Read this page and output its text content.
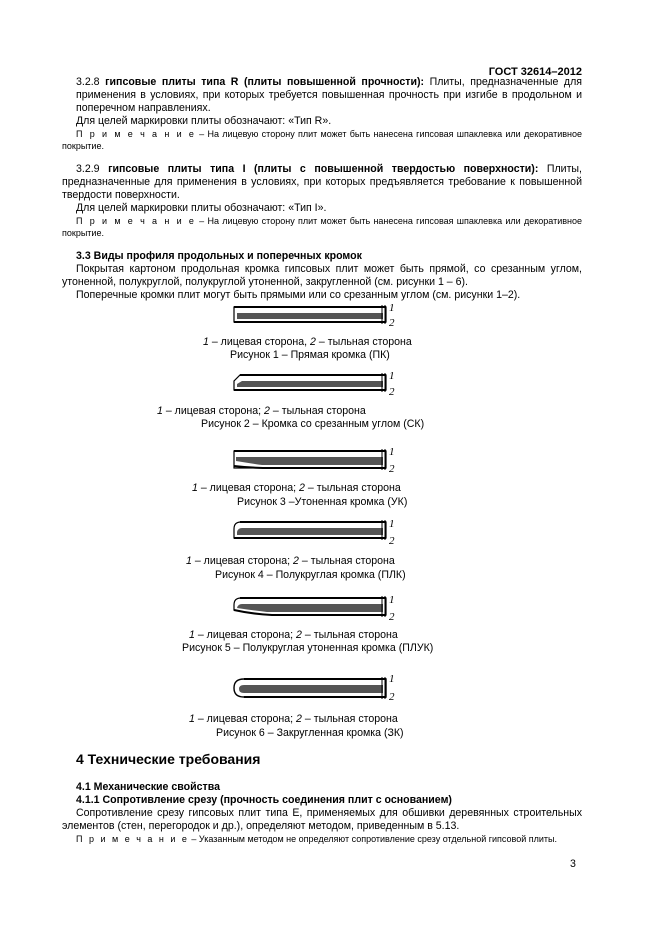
ГОСТ 32614–2012
3.2.8 гипсовые плиты типа R (плиты повышенной прочности): Плиты, предназначенные для применения в условиях, при которых требуется повышенная прочность при изгибе в продольном и поперечном направлениях.
Для целей маркировки плиты обозначают: «Тип R».
П р и м е ч а н и е – На лицевую сторону плит может быть нанесена гипсовая шпаклевка или декоративное покрытие.
3.2.9 гипсовые плиты типа I (плиты с повышенной твердостью поверхности): Плиты, предназначенные для применения в условиях, при которых предъявляется требование к повышенной твердости поверхности.
Для целей маркировки плиты обозначают: «Тип I».
П р и м е ч а н и е – На лицевую сторону плит может быть нанесена гипсовая шпаклевка или декоративное покрытие.
3.3 Виды профиля продольных и поперечных кромок
Покрытая картоном продольная кромка гипсовых плит может быть прямой, со срезанным углом, утоненной, полукруглой, полукруглой утоненной, закругленной (см. рисунки 1 – 6).
Поперечные кромки плит могут быть прямыми или со срезанным углом (см. рисунки 1–2).
1
2
1 – лицевая сторона, 2 – тыльная сторона
Рисунок 1 – Прямая кромка (ПК)
1
2
1 – лицевая сторона; 2 – тыльная сторона
Рисунок 2 – Кромка со срезанным углом (СК)
1
2
1 – лицевая сторона; 2 – тыльная сторона
Рисунок 3 –Утоненная кромка (УК)
1
2
1 – лицевая сторона; 2 – тыльная сторона
Рисунок 4 – Полукруглая кромка (ПЛК)
1
2
1 – лицевая сторона; 2 – тыльная сторона
Рисунок 5 – Полукруглая утоненная кромка (ПЛУК)
1
2
1 – лицевая сторона; 2 – тыльная сторона
Рисунок 6 – Закругленная кромка (ЗК)
4 Технические требования
4.1 Механические свойства
4.1.1 Сопротивление срезу (прочность соединения плит с основанием)
Сопротивление срезу гипсовых плит типа Е, применяемых для обшивки деревянных строительных элементов (стен, перегородок и др.), определяют методом, приведенным в 5.13.
П р и м е ч а н и е – Указанным методом не определяют сопротивление срезу отдельной гипсовой плиты.
3
